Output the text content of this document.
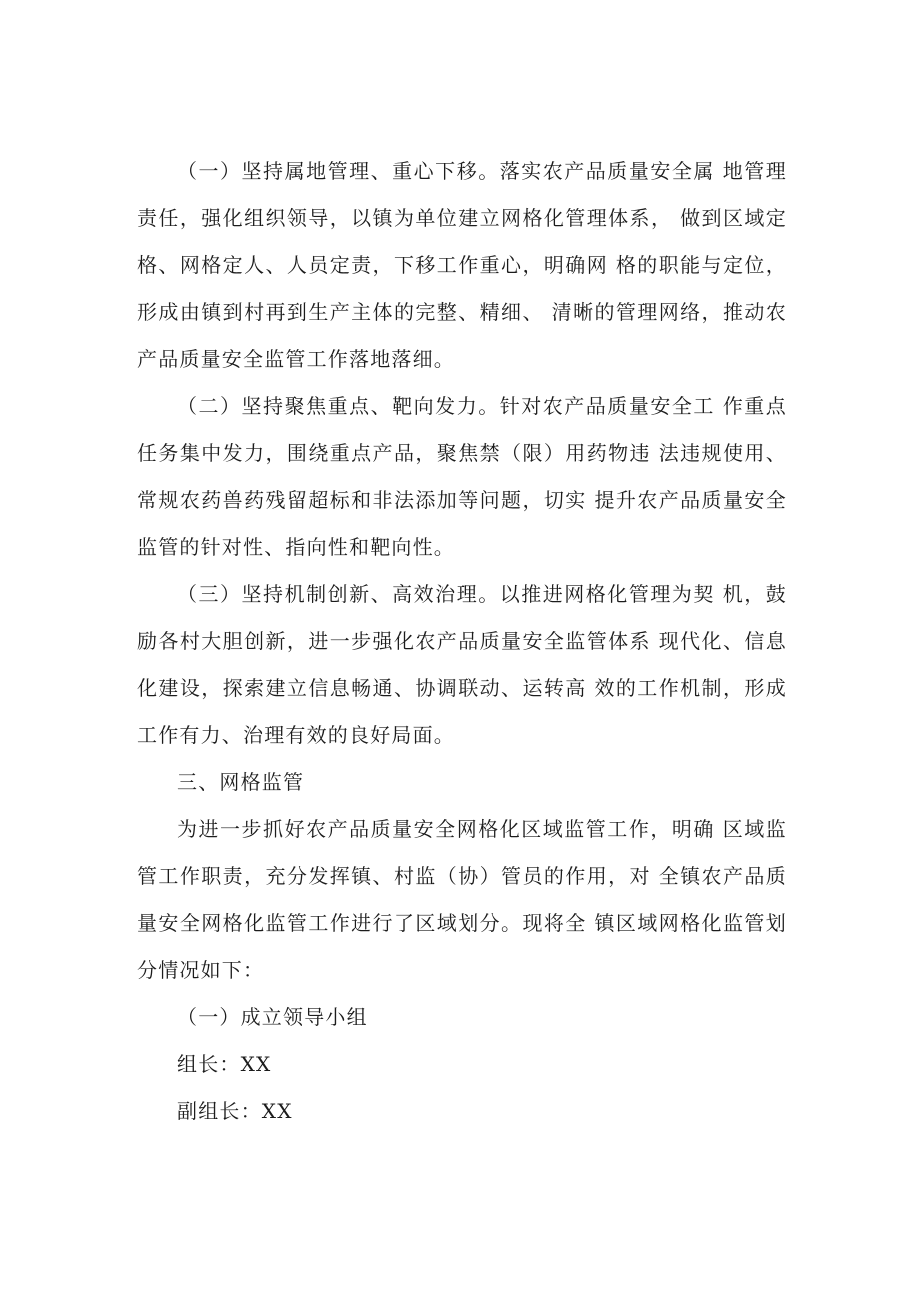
（一）坚持属地管理、重心下移。落实农产品质量安全属 地管理责任，强化组织领导，以镇为单位建立网格化管理体系， 做到区域定格、网格定人、人员定责，下移工作重心，明确网 格的职能与定位，形成由镇到村再到生产主体的完整、精细、 清晰的管理网络，推动农产品质量安全监管工作落地落细。

（二）坚持聚焦重点、靶向发力。针对农产品质量安全工 作重点任务集中发力，围绕重点产品，聚焦禁（限）用药物违 法违规使用、常规农药兽药残留超标和非法添加等问题，切实 提升农产品质量安全监管的针对性、指向性和靶向性。

（三）坚持机制创新、高效治理。以推进网格化管理为契 机，鼓励各村大胆创新，进一步强化农产品质量安全监管体系 现代化、信息化建设，探索建立信息畅通、协调联动、运转高 效的工作机制，形成工作有力、治理有效的良好局面。

三、网格监管

为进一步抓好农产品质量安全网格化区域监管工作，明确 区域监管工作职责，充分发挥镇、村监（协）管员的作用，对 全镇农产品质量安全网格化监管工作进行了区域划分。现将全 镇区域网格化监管划分情况如下：

（一）成立领导小组

组长：XX

副组长：XX
